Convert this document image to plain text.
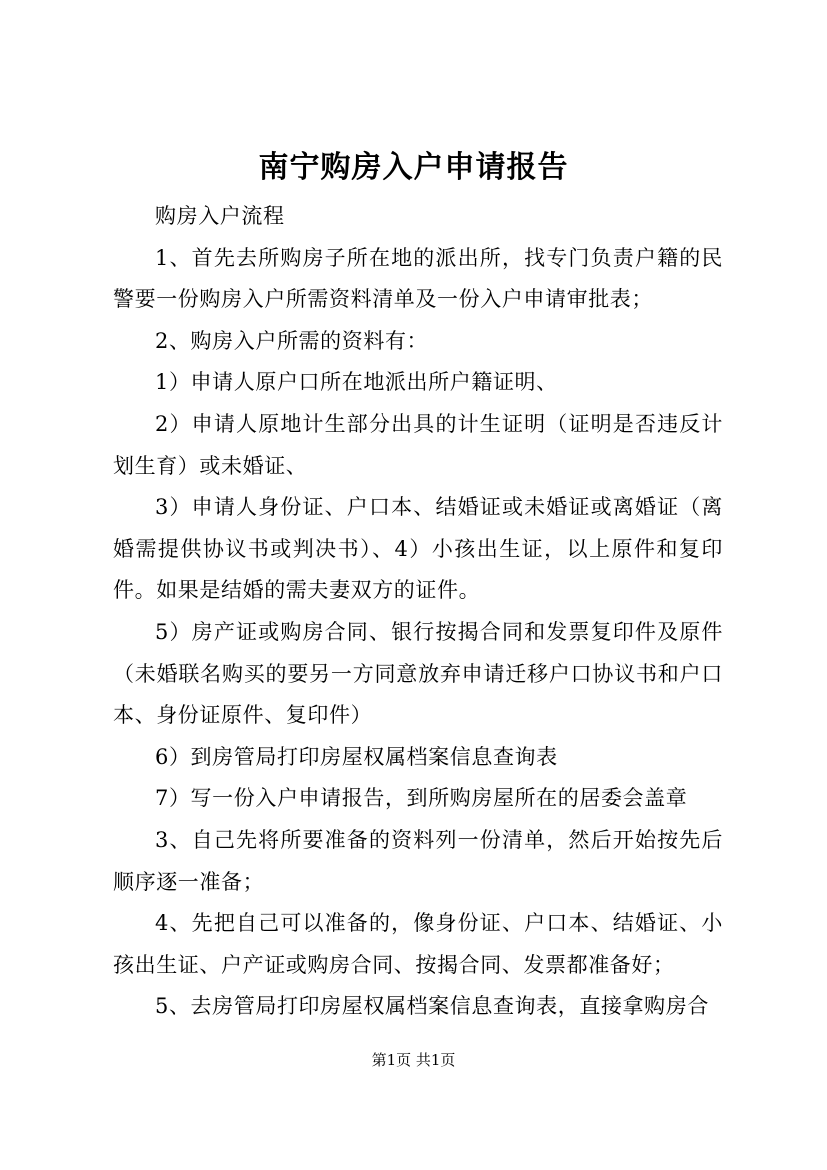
南宁购房入户申请报告

购房入户流程

1、首先去所购房子所在地的派出所，找专门负责户籍的民警要一份购房入户所需资料清单及一份入户申请审批表；

2、购房入户所需的资料有：

1）申请人原户口所在地派出所户籍证明、

2）申请人原地计生部分出具的计生证明（证明是否违反计划生育）或未婚证、

3）申请人身份证、户口本、结婚证或未婚证或离婚证（离婚需提供协议书或判决书）、4）小孩出生证，以上原件和复印件。如果是结婚的需夫妻双方的证件。

5）房产证或购房合同、银行按揭合同和发票复印件及原件（未婚联名购买的要另一方同意放弃申请迁移户口协议书和户口本、身份证原件、复印件）

6）到房管局打印房屋权属档案信息查询表

7）写一份入户申请报告，到所购房屋所在的居委会盖章

3、自己先将所要准备的资料列一份清单，然后开始按先后顺序逐一准备；

4、先把自己可以准备的，像身份证、户口本、结婚证、小孩出生证、户产证或购房合同、按揭合同、发票都准备好；

5、去房管局打印房屋权属档案信息查询表，直接拿购房合

第1页 共1页
